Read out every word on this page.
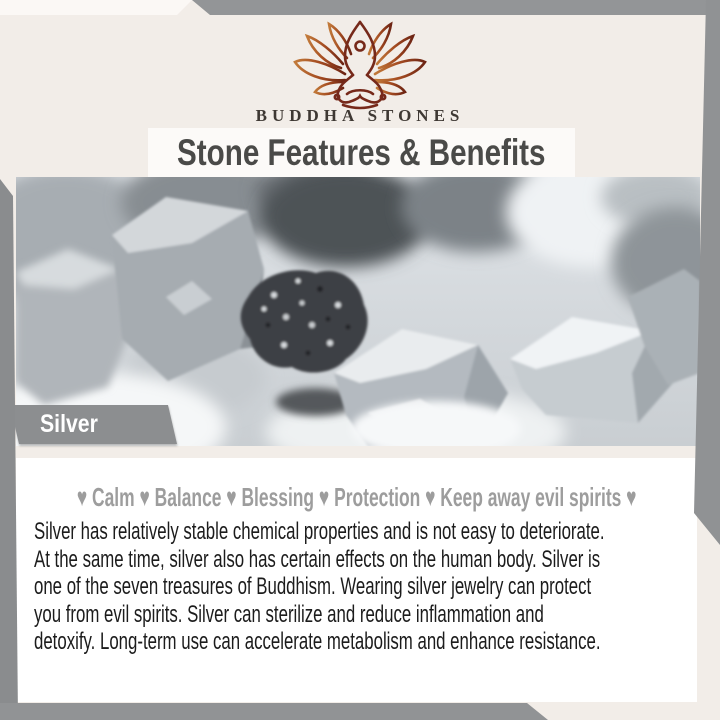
BUDDHA STONES
Stone Features & Benefits
Silver
♥ Calm ♥ Balance ♥ Blessing ♥ Protection ♥ Keep away evil spirits ♥
Silver has relatively stable chemical properties and is not easy to deteriorate.
At the same time, silver also has certain effects on the human body. Silver is
one of the seven treasures of Buddhism. Wearing silver jewelry can protect
you from evil spirits. Silver can sterilize and reduce inflammation and
detoxify. Long-term use can accelerate metabolism and enhance resistance.
